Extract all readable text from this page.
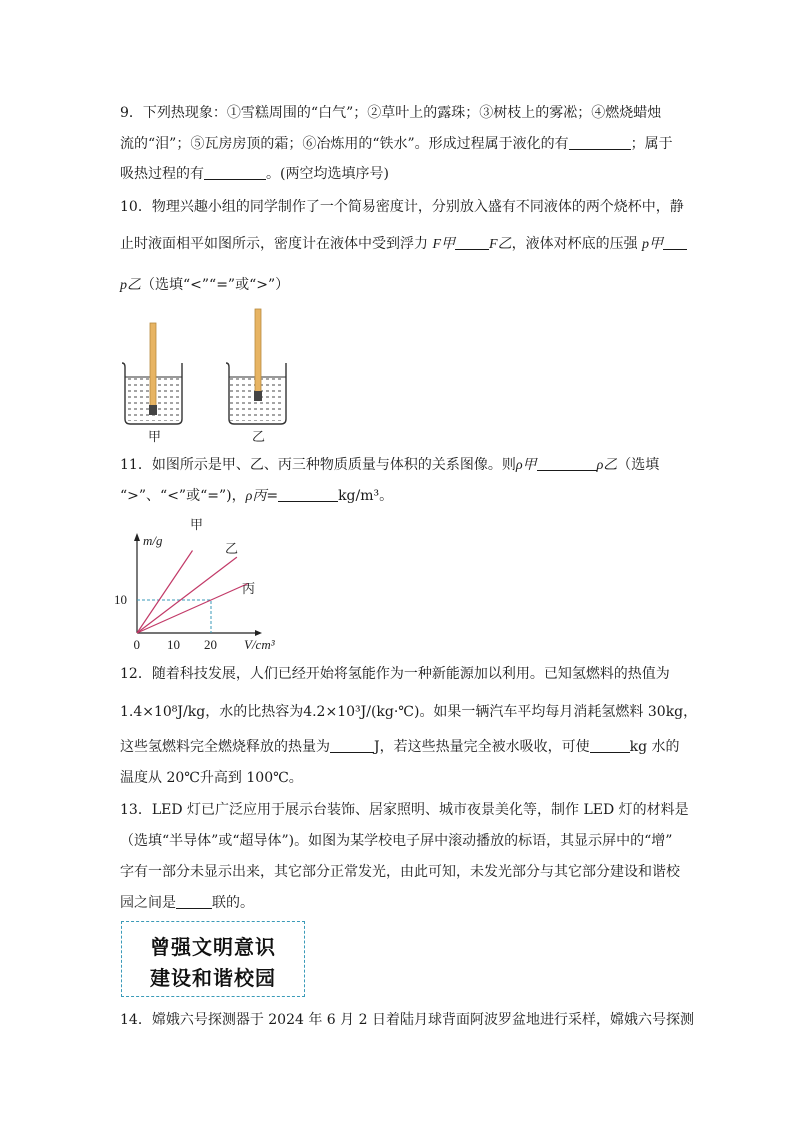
9．下列热现象：①雪糕周围的“白气”；②草叶上的露珠；③树枝上的雾凇；④燃烧蜡烛
流的“泪”；⑤瓦房房顶的霜；⑥冶炼用的“铁水”。形成过程属于液化的有	；属于
吸热过程的有	。(两空均选填序号)
10．物理兴趣小组的同学制作了一个简易密度计，分别放入盛有不同液体的两个烧杯中，静
止时液面相平如图所示，密度计在液体中受到浮力 F甲 F乙，液体对杯底的压强 p甲
p乙（选填“<”“=”或“>”）
甲	乙
11．如图所示是甲、乙、丙三种物质质量与体积的关系图像。则ρ甲	ρ乙（选填
“>”、“<”或“=”)，ρ丙=	kg/m³。
甲
乙
丙
0 10 20
10
m/g
V/cm³
12．随着科技发展，人们已经开始将氢能作为一种新能源加以利用。已知氢燃料的热值为
1.4×10⁸J/kg，水的比热容为4.2×10³J/(kg·℃)。如果一辆汽车平均每月消耗氢燃料 30kg，
这些氢燃料完全燃烧释放的热量为	J，若这些热量完全被水吸收，可使	kg 水的
温度从 20℃升高到 100℃。
13．LED 灯已广泛应用于展示台装饰、居家照明、城市夜景美化等，制作 LED 灯的材料是
（选填“半导体”或“超导体”)。如图为某学校电子屏中滚动播放的标语，其显示屏中的“增”
字有一部分未显示出来，其它部分正常发光，由此可知，未发光部分与其它部分建设和谐校
园之间是	联的。
曾强文明意识
建设和谐校园
14．嫦娥六号探测器于 2024 年 6 月 2 日着陆月球背面阿波罗盆地进行采样，嫦娥六号探测
